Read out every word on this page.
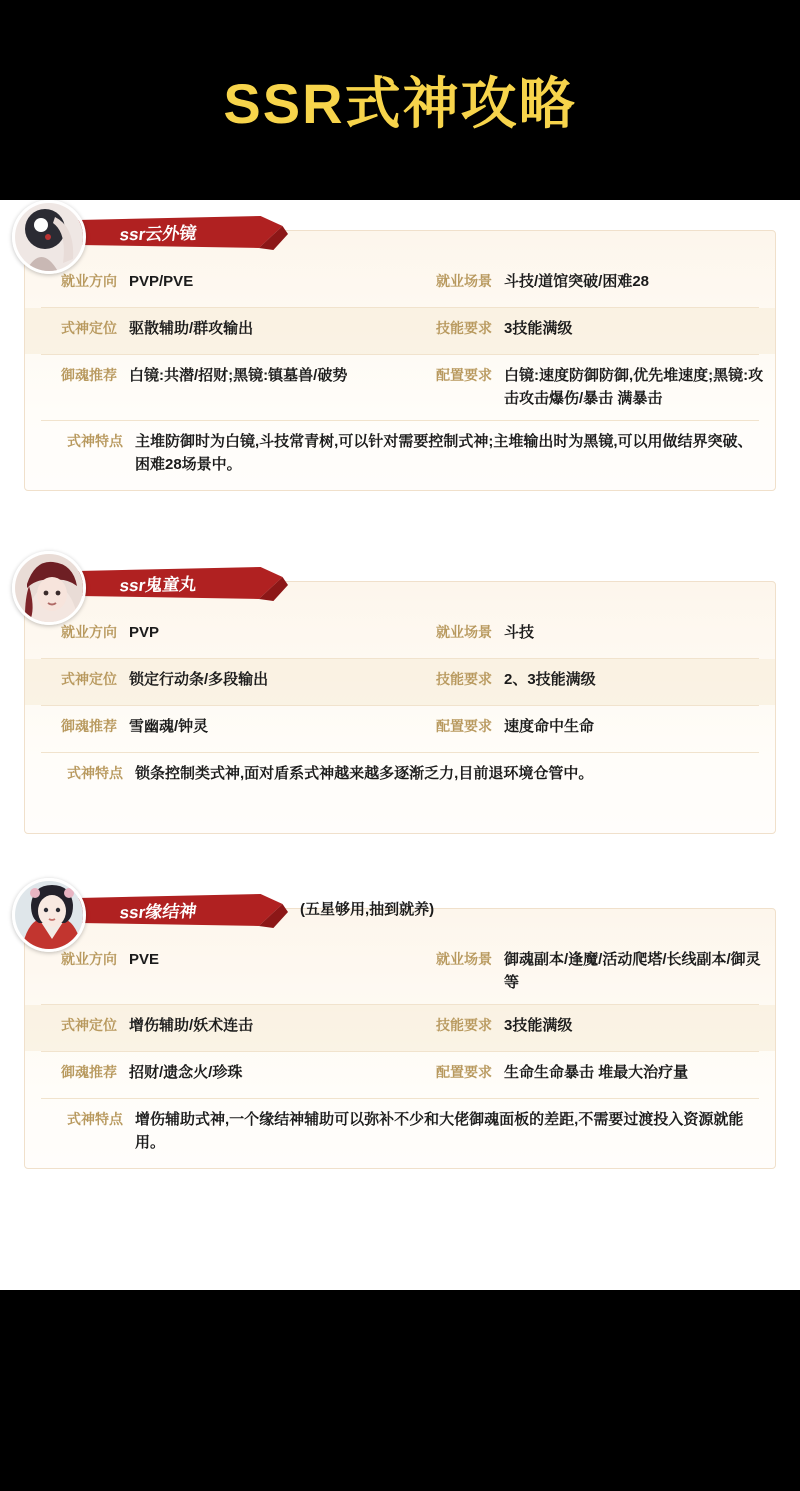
SSR式神攻略
ssr云外镜
就业方向 PVP/PVE	就业场景 斗技/道馆突破/困难28
式神定位 驱散辅助/群攻输出	技能要求 3技能满级
御魂推荐 白镜:共潜/招财;黑镜:镇墓兽/破势	配置要求 白镜:速度防御防御,优先堆速度;黑镜:攻击攻击爆伤/暴击 满暴击
式神特点 主堆防御时为白镜,斗技常青树,可以针对需要控制式神;主堆输出时为黑镜,可以用做结界突破、困难28场景中。
ssr鬼童丸
就业方向 PVP	就业场景 斗技
式神定位 锁定行动条/多段输出	技能要求 2、3技能满级
御魂推荐 雪幽魂/钟灵	配置要求 速度命中生命
式神特点 锁条控制类式神,面对盾系式神越来越多逐渐乏力,目前退环境仓管中。
ssr缘结神	(五星够用,抽到就养)
就业方向 PVE	就业场景 御魂副本/逢魔/活动爬塔/长线副本/御灵等
式神定位 增伤辅助/妖术连击	技能要求 3技能满级
御魂推荐 招财/遗念火/珍珠	配置要求 生命生命暴击 堆最大治疗量
式神特点 增伤辅助式神,一个缘结神辅助可以弥补不少和大佬御魂面板的差距,不需要过渡投入资源就能用。
